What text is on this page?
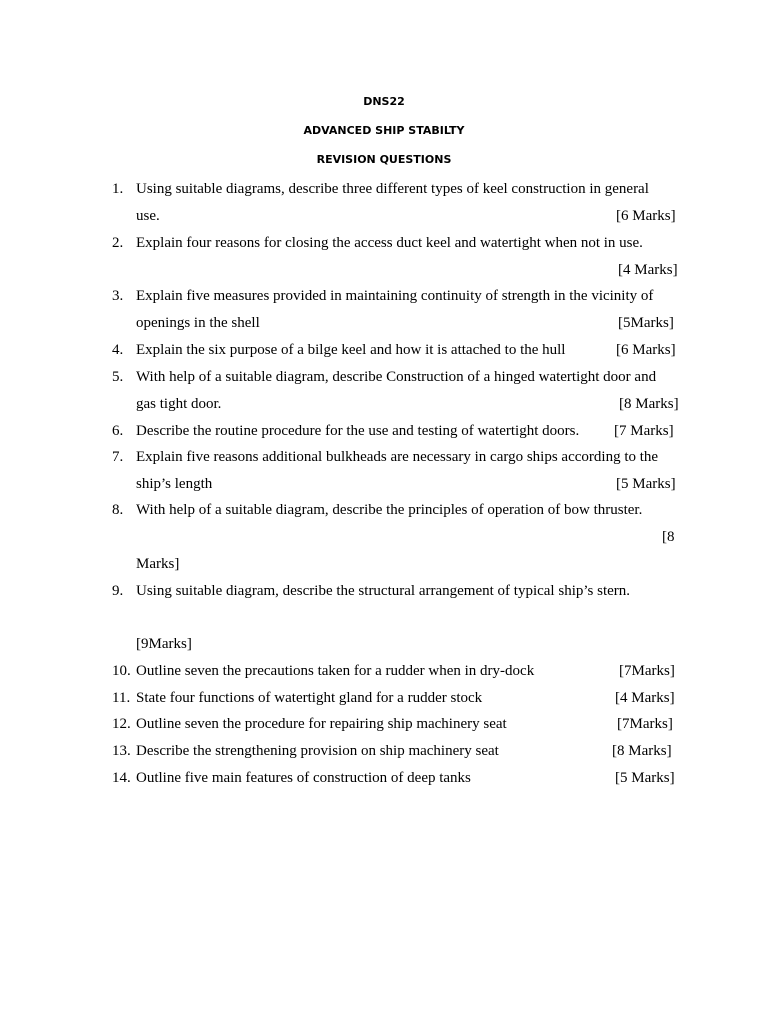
DNS22
ADVANCED SHIP STABILTY
REVISION QUESTIONS
1. Using suitable diagrams, describe three different types of keel construction in general
use.	[6 Marks]
2. Explain four reasons for closing the access duct keel and watertight when not in use.
[4 Marks]
3. Explain five measures provided in maintaining continuity of strength in the vicinity of
openings in the shell	[5Marks]
4. Explain the six purpose of a bilge keel and how it is attached to the hull	[6 Marks]
5. With help of a suitable diagram, describe Construction of a hinged watertight door and
gas tight door.	[8 Marks]
6. Describe the routine procedure for the use and testing of watertight doors. [7 Marks]
7. Explain five reasons additional bulkheads are necessary in cargo ships according to the
ship’s length	[5 Marks]
8. With help of a suitable diagram, describe the principles of operation of bow thruster.
[8
Marks]
9. Using suitable diagram, describe the structural arrangement of typical ship’s stern.
[9Marks]
10. Outline seven the precautions taken for a rudder when in dry-dock	[7Marks]
11. State four functions of watertight gland for a rudder stock	[4 Marks]
12. Outline seven the procedure for repairing ship machinery seat	[7Marks]
13. Describe the strengthening provision on ship machinery seat	[8 Marks]
14. Outline five main features of construction of deep tanks	[5 Marks]
